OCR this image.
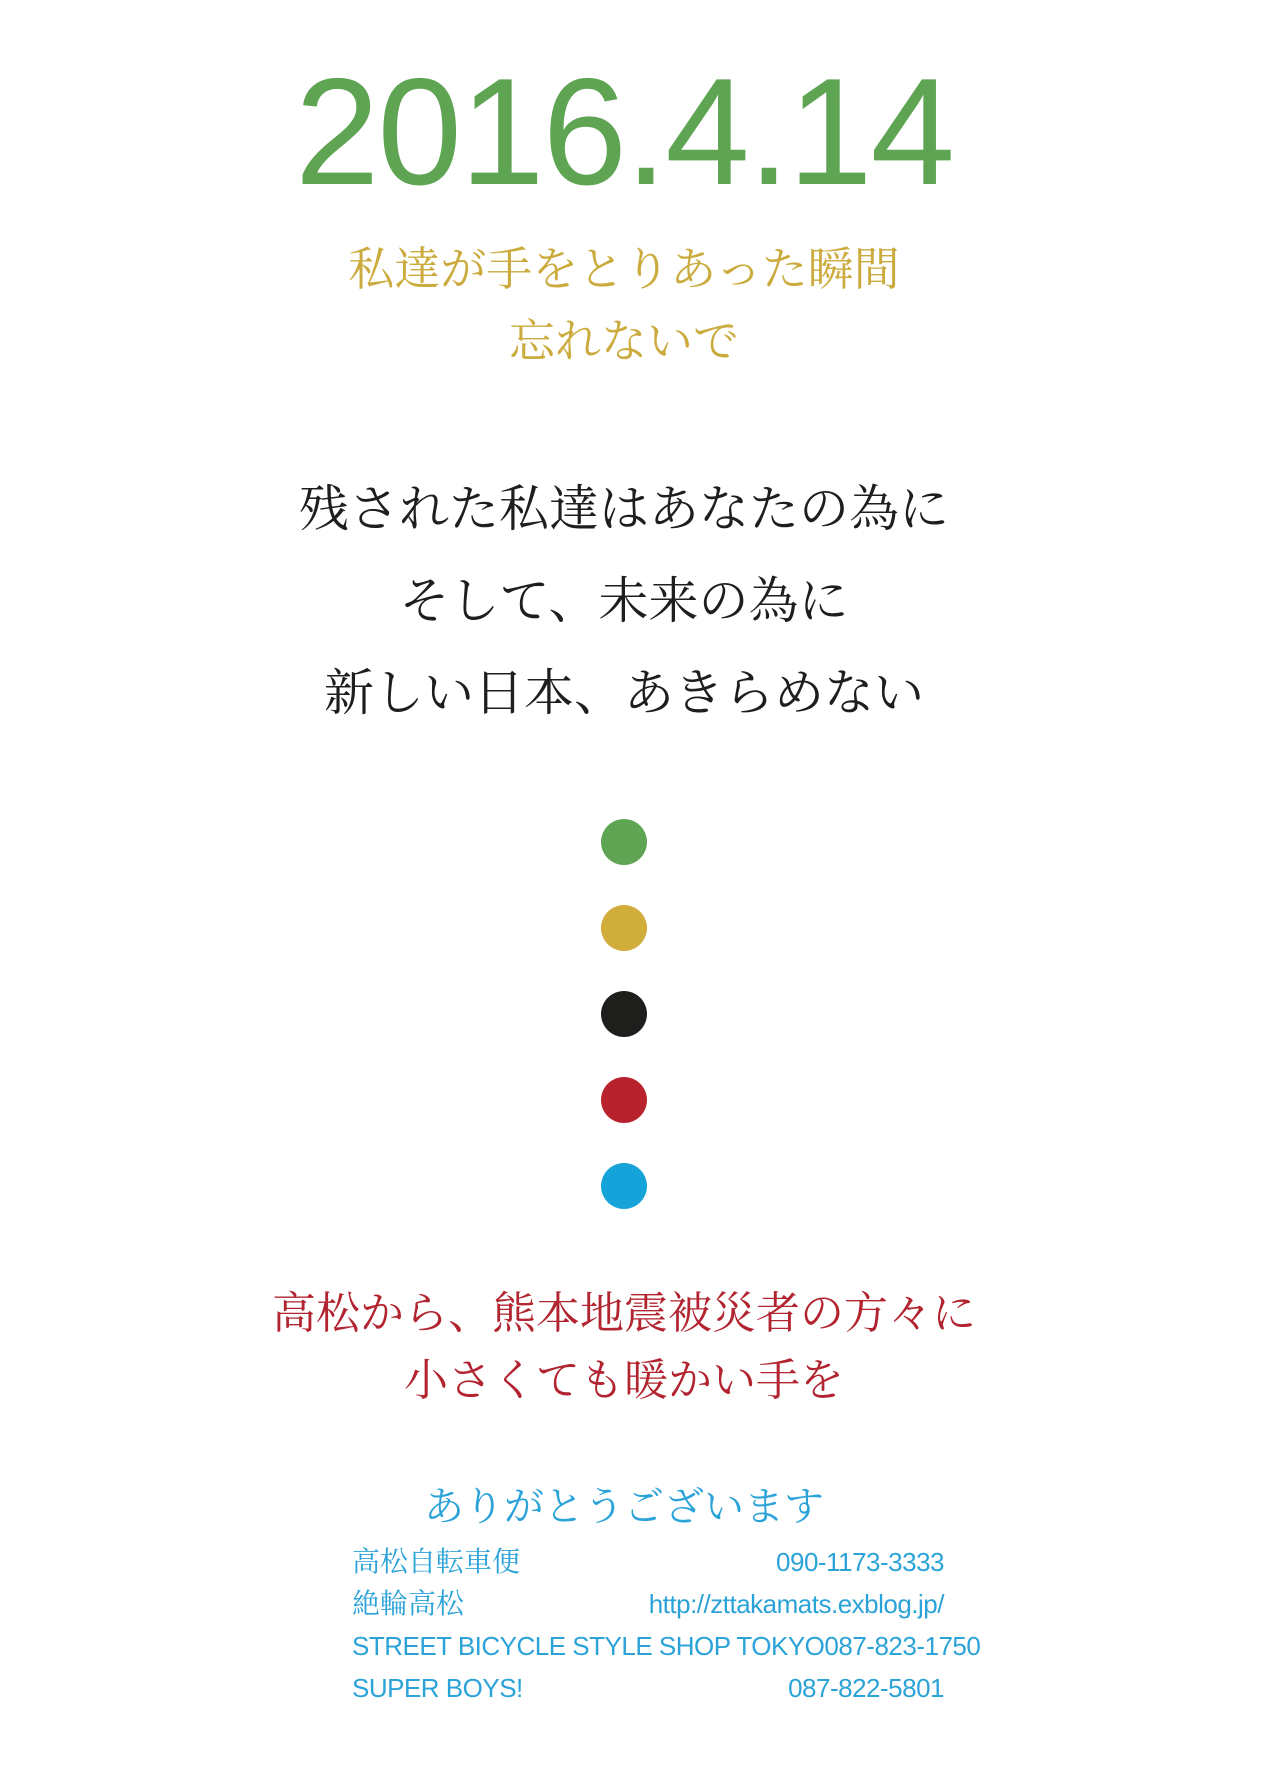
2016.4.14
私達が手をとりあった瞬間
忘れないで
残された私達はあなたの為に
そして、未来の為に
新しい日本、あきらめない
高松から、熊本地震被災者の方々に
小さくても暖かい手を
ありがとうございます
高松自転車便	090-1173-3333
絶輪高松	http://zttakamats.exblog.jp/
STREET BICYCLE STYLE SHOP TOKYO 087-823-1750
SUPER BOYS!	087-822-5801
